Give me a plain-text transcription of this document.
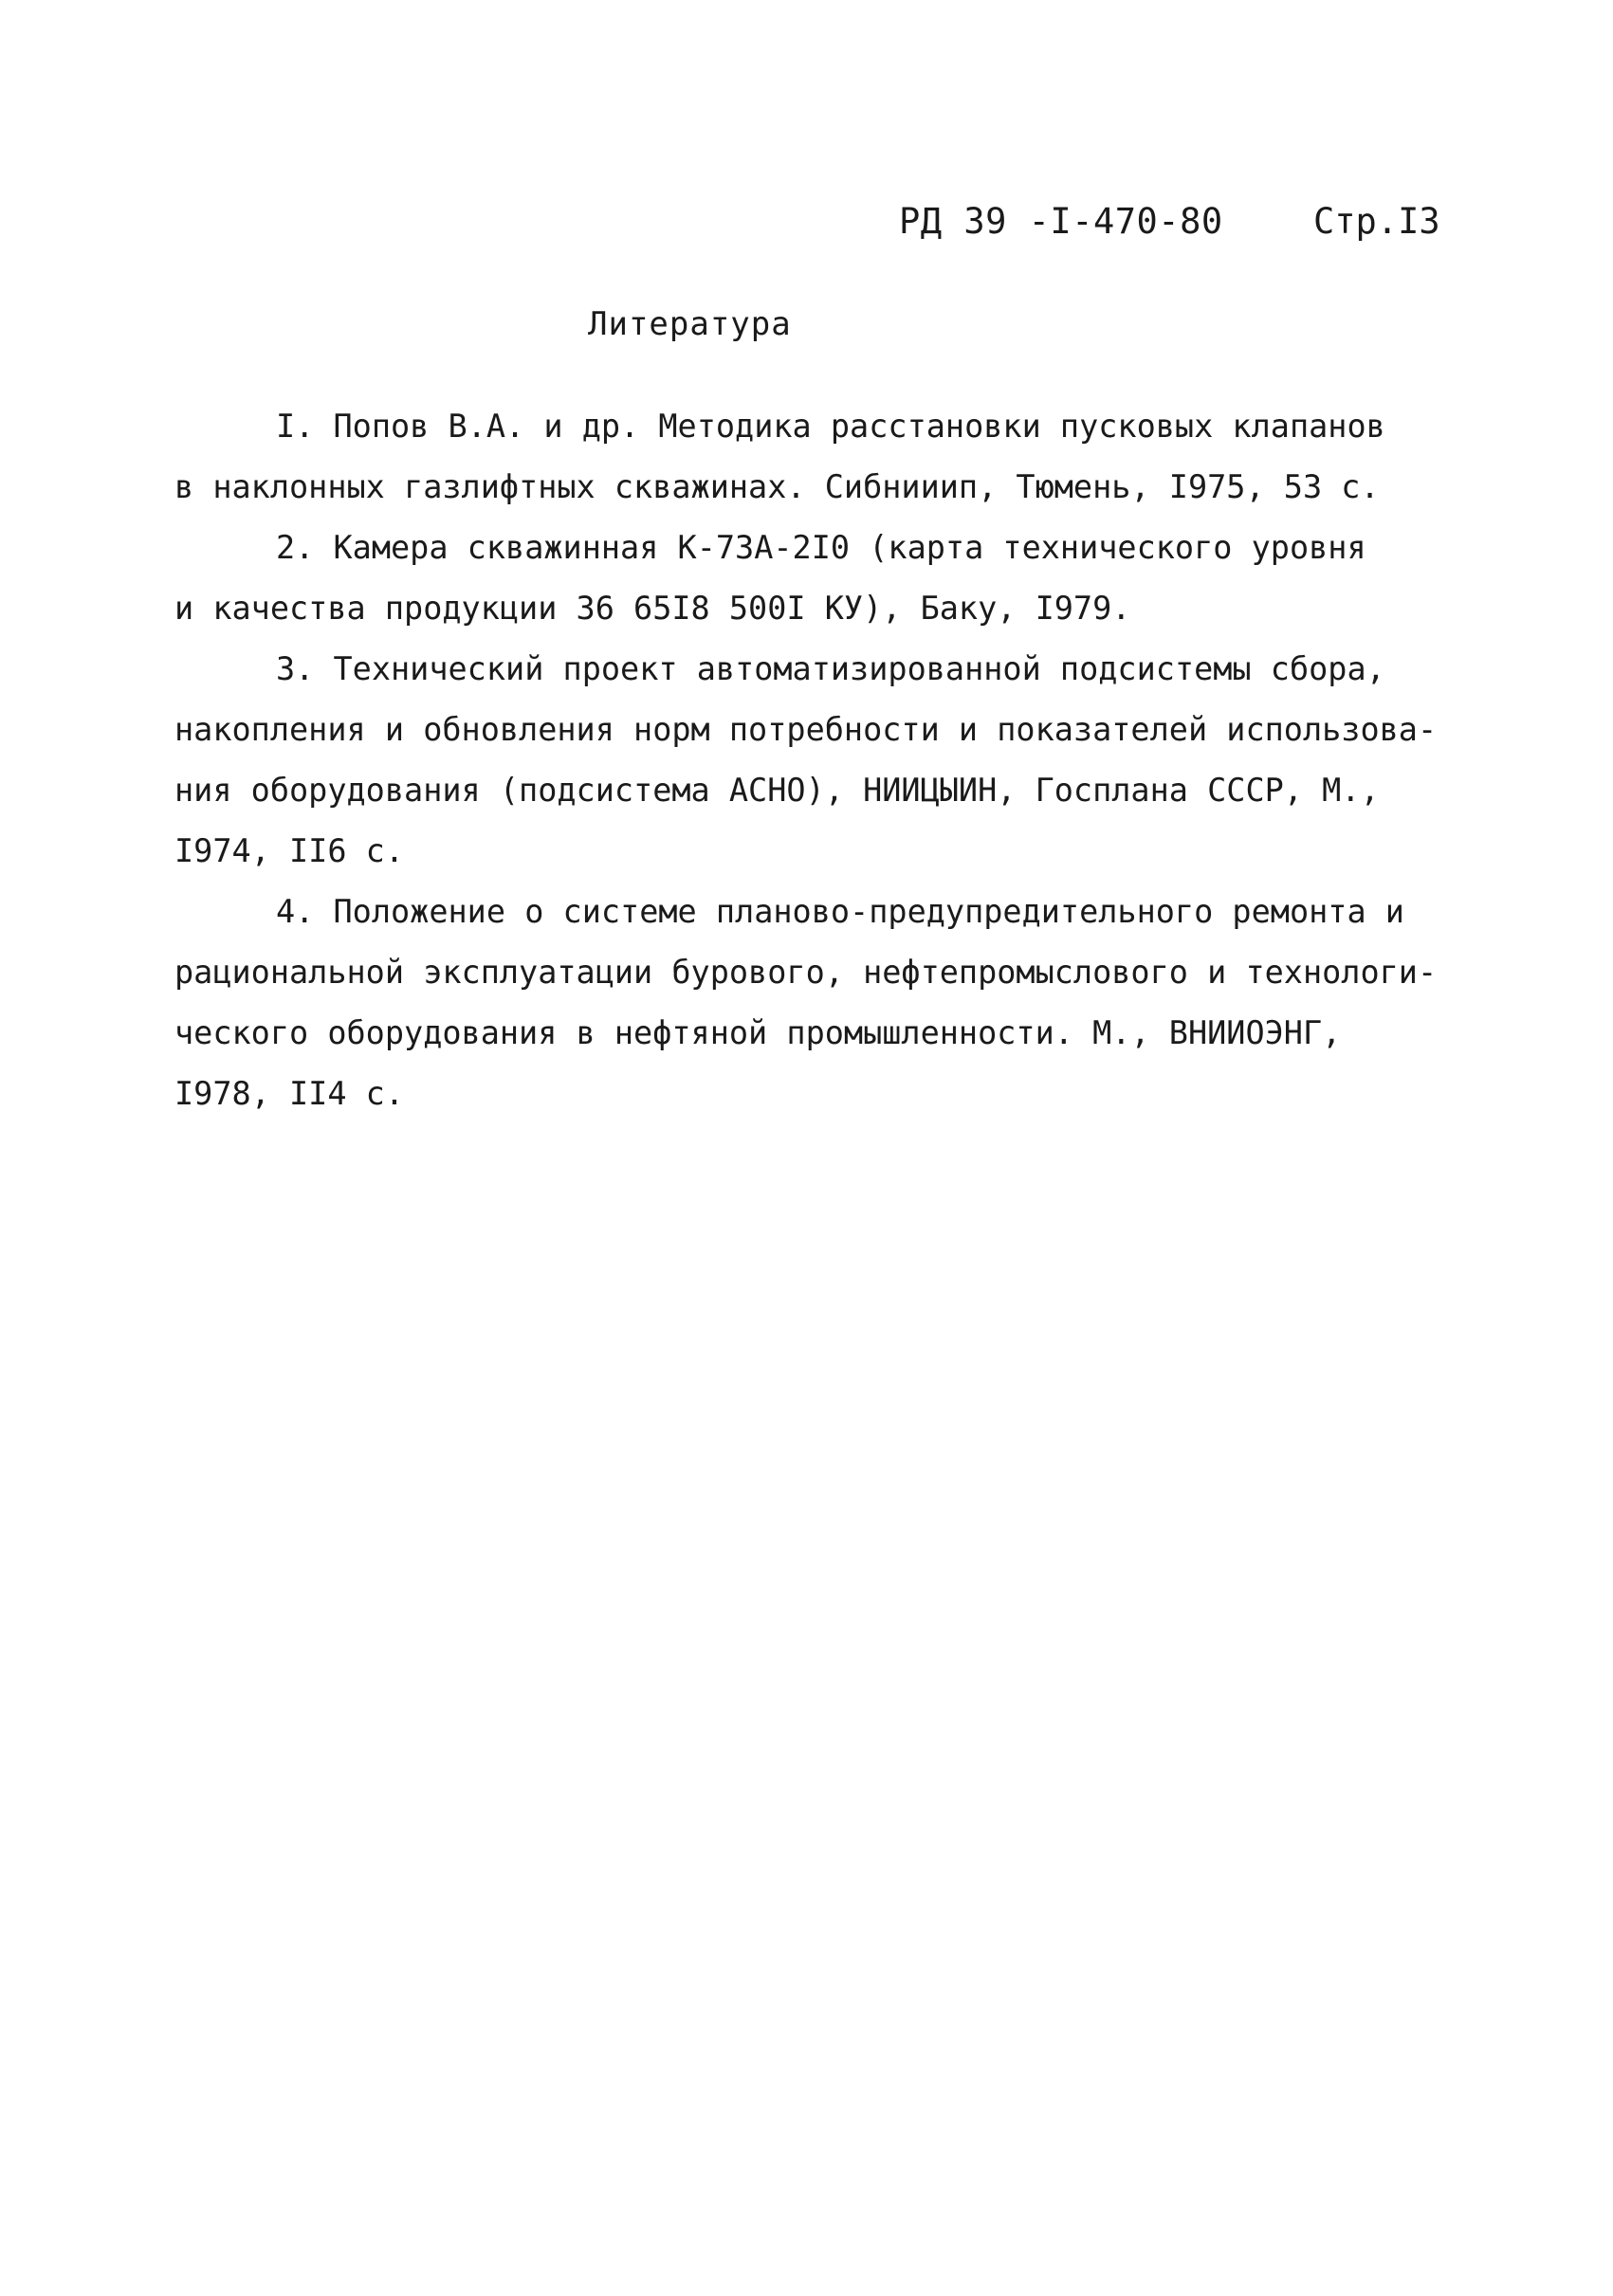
РД 39 -I-470-80	Стр.I3
Литература
I. Попов В.А. и др. Методика расстановки пусковых клапанов
в наклонных газлифтных скважинах. Сибнииип, Тюмень, I975, 53 с.
2. Камера скважинная К-73А-2I0 (карта технического уровня
и качества продукции 36 65I8 500I КУ), Баку, I979.
3. Технический проект автоматизированной подсистемы сбора,
накопления и обновления норм потребности и показателей использова-
ния оборудования (подсистема АСНО), НИИЦЫИН, Госплана СССР, М.,
I974, II6 с.
4. Положение о системе планово-предупредительного ремонта и
рациональной эксплуатации бурового, нефтепромыслового и технологи-
ческого оборудования в нефтяной промышленности. М., ВНИИОЭНГ,
I978, II4 с.
